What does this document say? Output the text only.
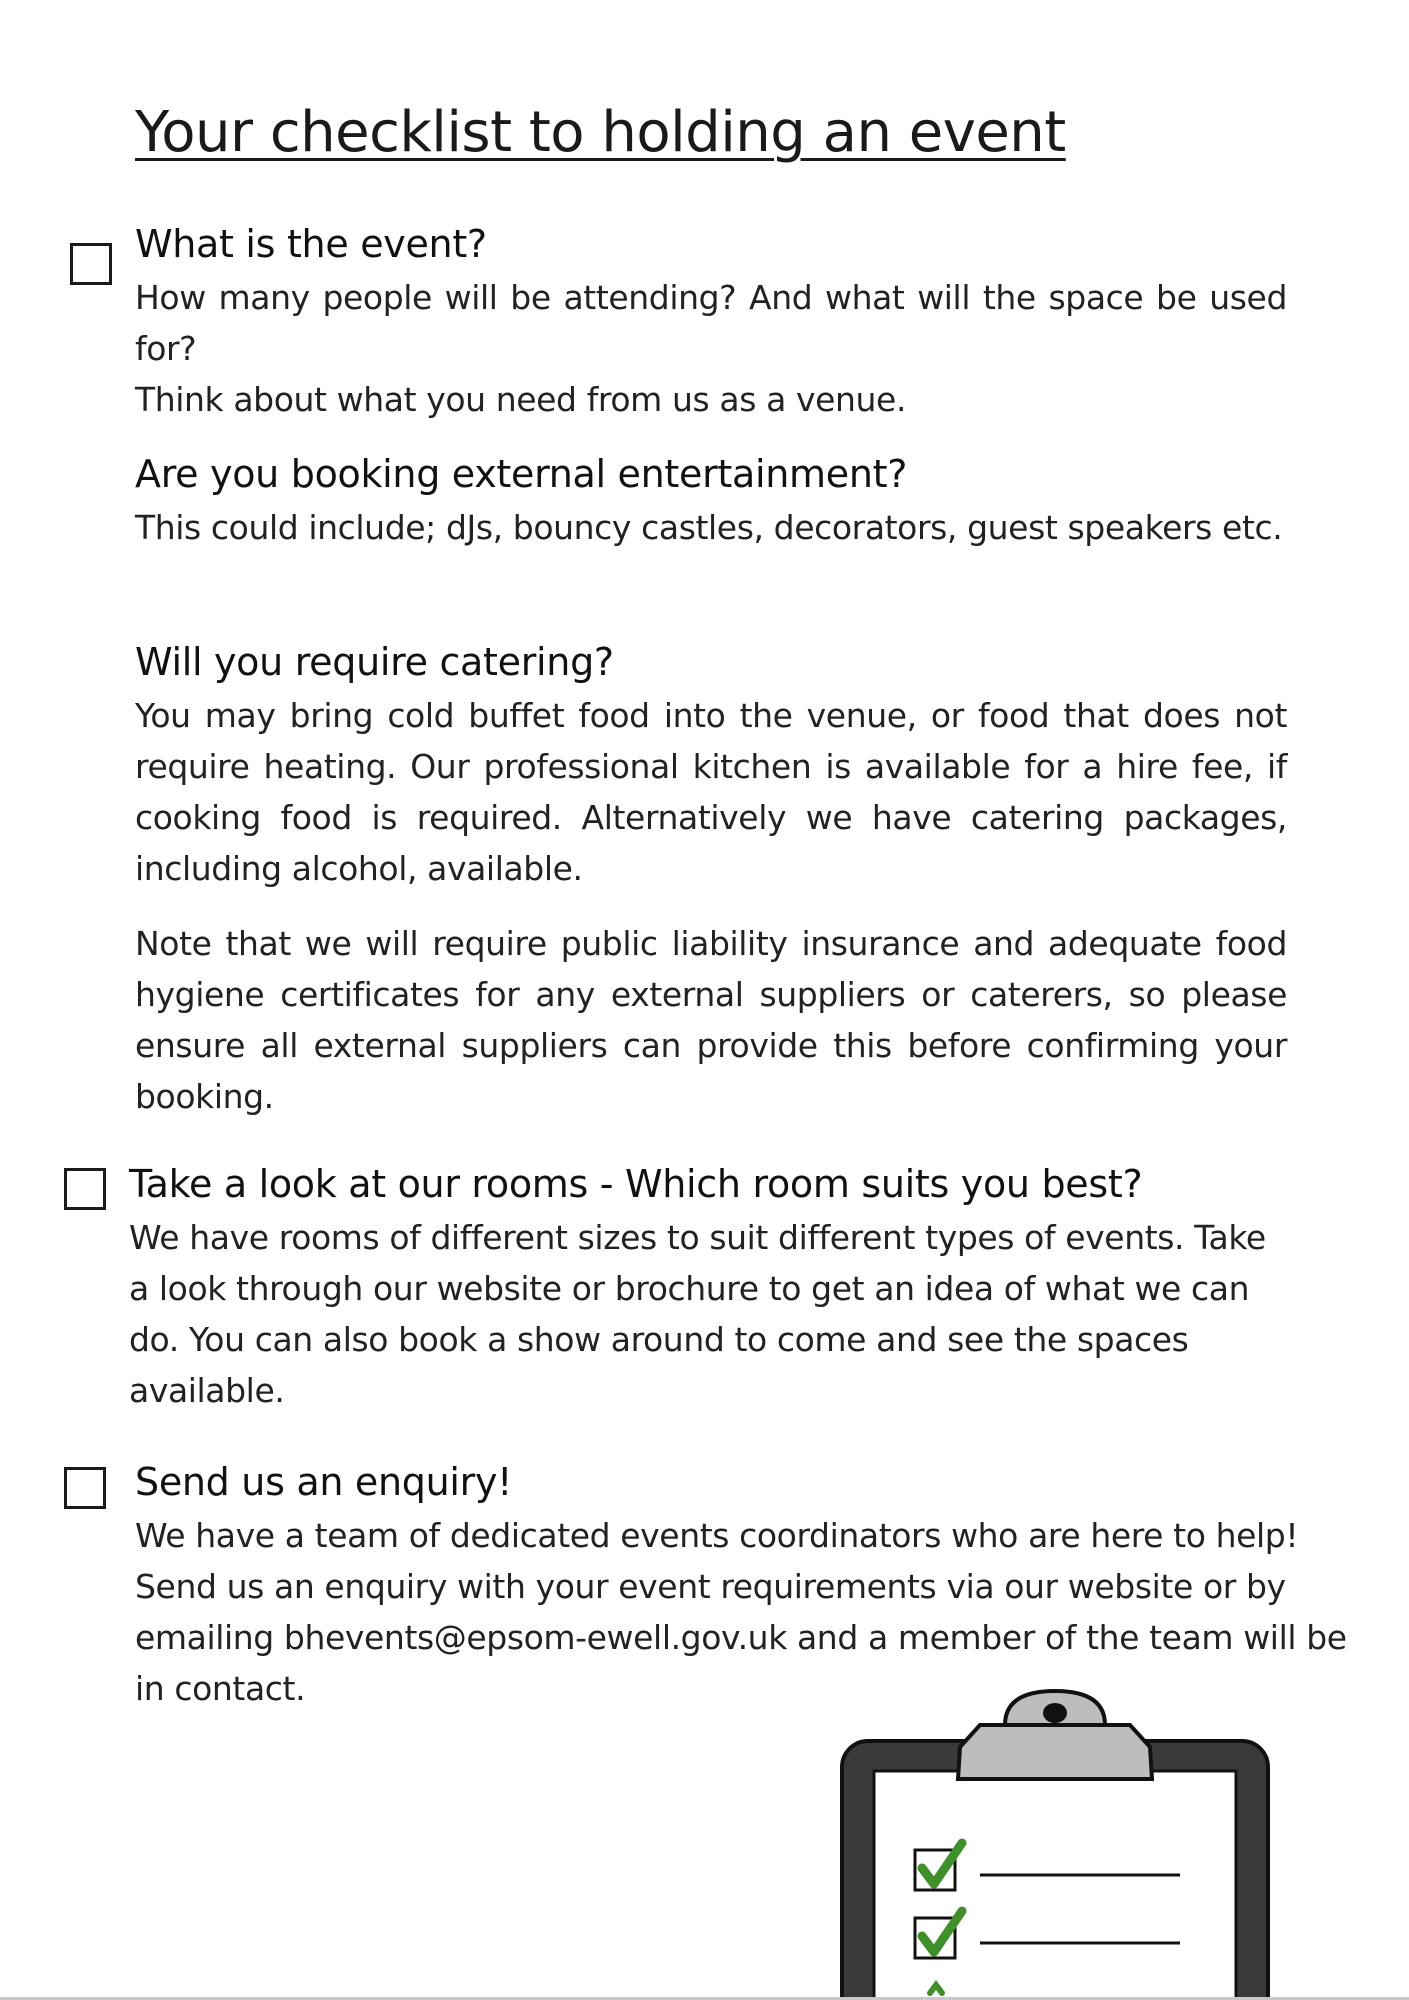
Your checklist to holding an event
What is the event?

How many people will be attending? And what will the space be used for?

Think about what you need from us as a venue.

Are you booking external entertainment?

This could include; dJs, bouncy castles, decorators, guest speakers etc.

Will you require catering?

You may bring cold buffet food into the venue, or food that does not require heating. Our professional kitchen is available for a hire fee, if cooking food is required. Alternatively we have catering packages, including alcohol, available.

Note that we will require public liability insurance and adequate food hygiene certificates for any external suppliers or caterers, so please ensure all external suppliers can provide this before confirming your booking.

Take a look at our rooms - Which room suits you best?

We have rooms of different sizes to suit different types of events. Take a look through our website or brochure to get an idea of what we can do. You can also book a show around to come and see the spaces available.

Send us an enquiry!

We have a team of dedicated events coordinators who are here to help! Send us an enquiry with your event requirements via our website or by emailing bhevents@epsom-ewell.gov.uk and a member of the team will be in contact.
